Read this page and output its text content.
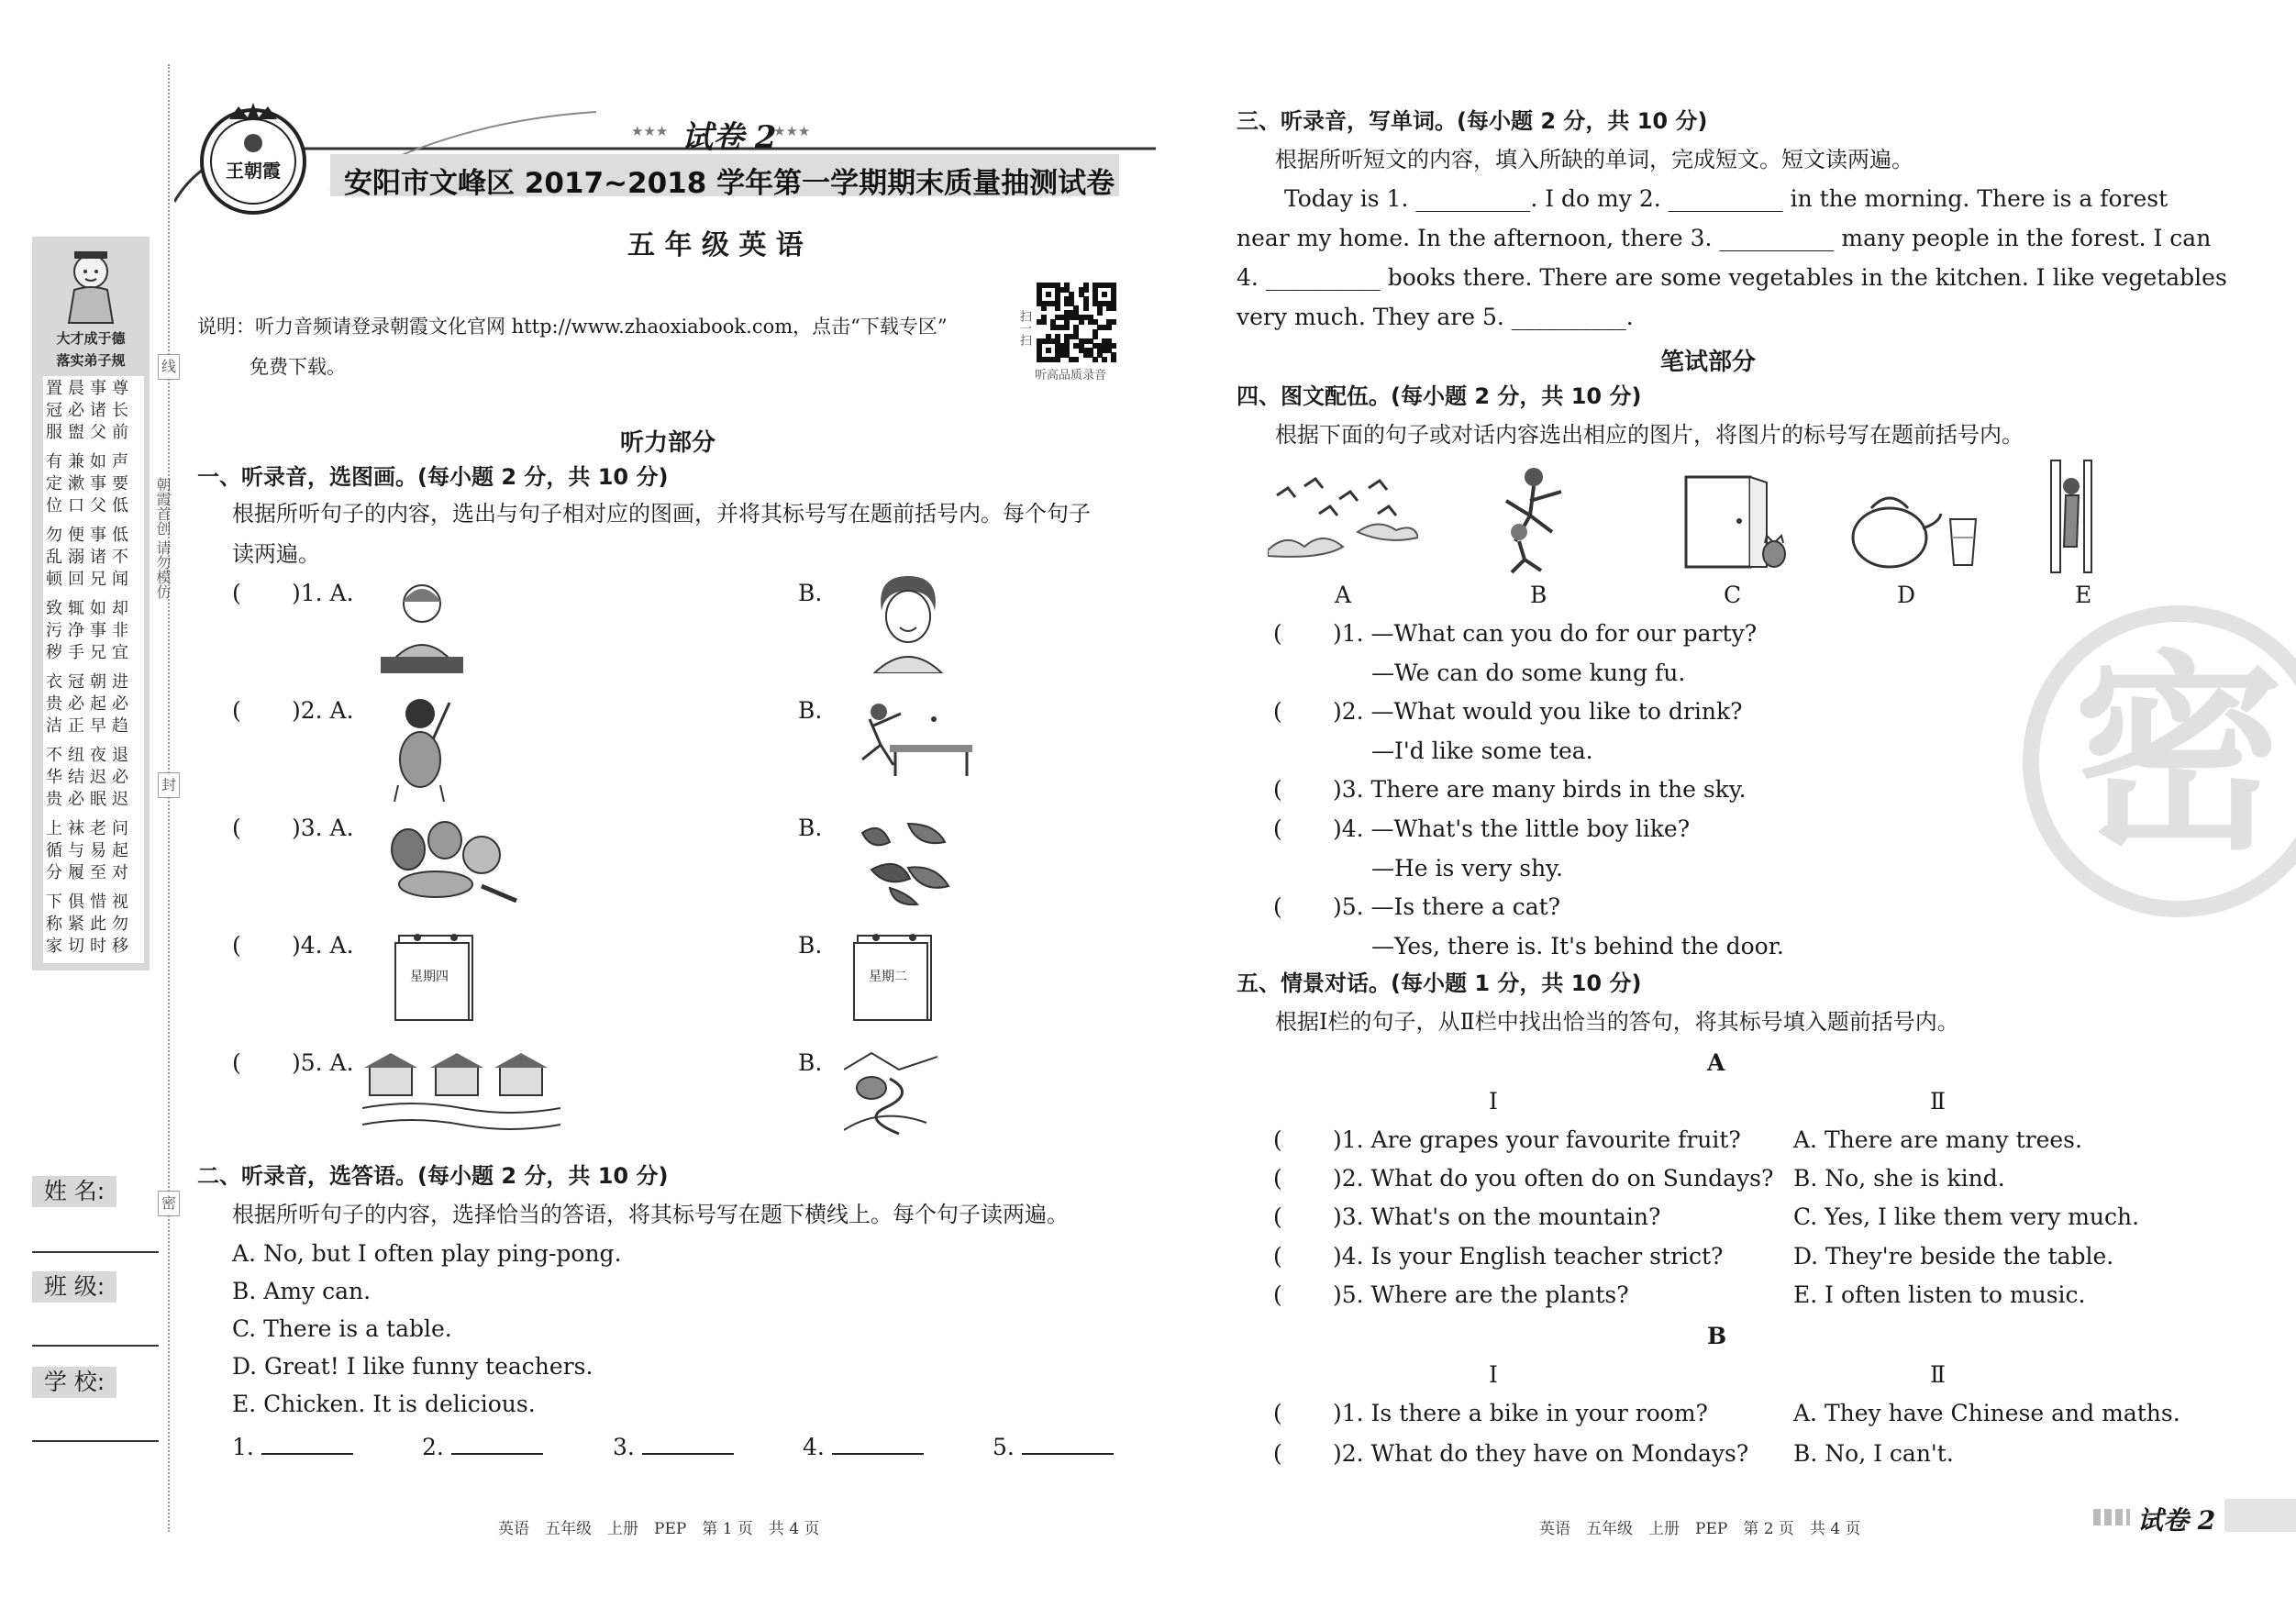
大才成于德
落实弟子规
置晨事尊
冠必诸长
服盥父前
有兼如声
定漱事要
位口父低
勿便事低
乱溺诸不
顿回兄闻
致辄如却
污净事非
秽手兄宜
衣冠朝进
贵必起必
洁正早趋
不纽夜退
华结迟必
贵必眠迟
上袜老问
循与易起
分履至对
下俱惜视
称紧此勿
家切时移
线
朝霞首创 请勿模仿
封
密
姓 名:
班 级:
学 校:
王朝霞
★★★ 试卷 2
★★★
安阳市文峰区 2017~2018 学年第一学期期末质量抽测试卷
五 年 级 英 语
说明：听力音频请登录朝霞文化官网 http://www.zhaoxiabook.com，点击“下载专区”
免费下载。
扫一扫
听高品质录音
听力部分
一、听录音，选图画。(每小题 2 分，共 10 分)
根据所听句子的内容，选出与句子相对应的图画，并将其标号写在题前括号内。每个句子
读两遍。
( )1. A.	B.
( )2. A.	B.
( )3. A.	B.
( )4. A.	B.
( )5. A.	B.
星期四	星期二
二、听录音，选答语。(每小题 2 分，共 10 分)
根据所听句子的内容，选择恰当的答语，将其标号写在题下横线上。每个句子读两遍。
A. No, but I often play ping-pong.
B. Amy can.
C. There is a table.
D. Great! I like funny teachers.
E. Chicken. It is delicious.
1.	2.	3.	4.	5.
英语　五年级　上册　PEP　第 1 页　共 4 页
密
三、听录音，写单词。(每小题 2 分，共 10 分)
根据所听短文的内容，填入所缺的单词，完成短文。短文读两遍。
Today is 1. __________. I do my 2. __________ in the morning. There is a forest
near my home. In the afternoon, there 3. __________ many people in the forest. I can
4. __________ books there. There are some vegetables in the kitchen. I like vegetables
very much. They are 5. __________.
笔试部分
四、图文配伍。(每小题 2 分，共 10 分)
根据下面的句子或对话内容选出相应的图片，将图片的标号写在题前括号内。
A	B	C	D	E
( )1. —What can you do for our party?
—We can do some kung fu.
( )2. —What would you like to drink?
—I'd like some tea.
( )3. There are many birds in the sky.
( )4. —What's the little boy like?
—He is very shy.
( )5. —Is there a cat?
—Yes, there is. It's behind the door.
五、情景对话。(每小题 1 分，共 10 分)
根据Ⅰ栏的句子，从Ⅱ栏中找出恰当的答句，将其标号填入题前括号内。
A
Ⅰ	Ⅱ
( )1. Are grapes your favourite fruit? A. There are many trees.
( )2. What do you often do on Sundays? B. No, she is kind.
( )3. What's on the mountain?	C. Yes, I like them very much.
( )4. Is your English teacher strict?	D. They're beside the table.
( )5. Where are the plants?	E. I often listen to music.
B
Ⅰ	Ⅱ
( )1. Is there a bike in your room?	A. They have Chinese and maths.
( )2. What do they have on Mondays? B. No, I can't.
英语　五年级　上册　PEP　第 2 页　共 4 页	试卷 2
